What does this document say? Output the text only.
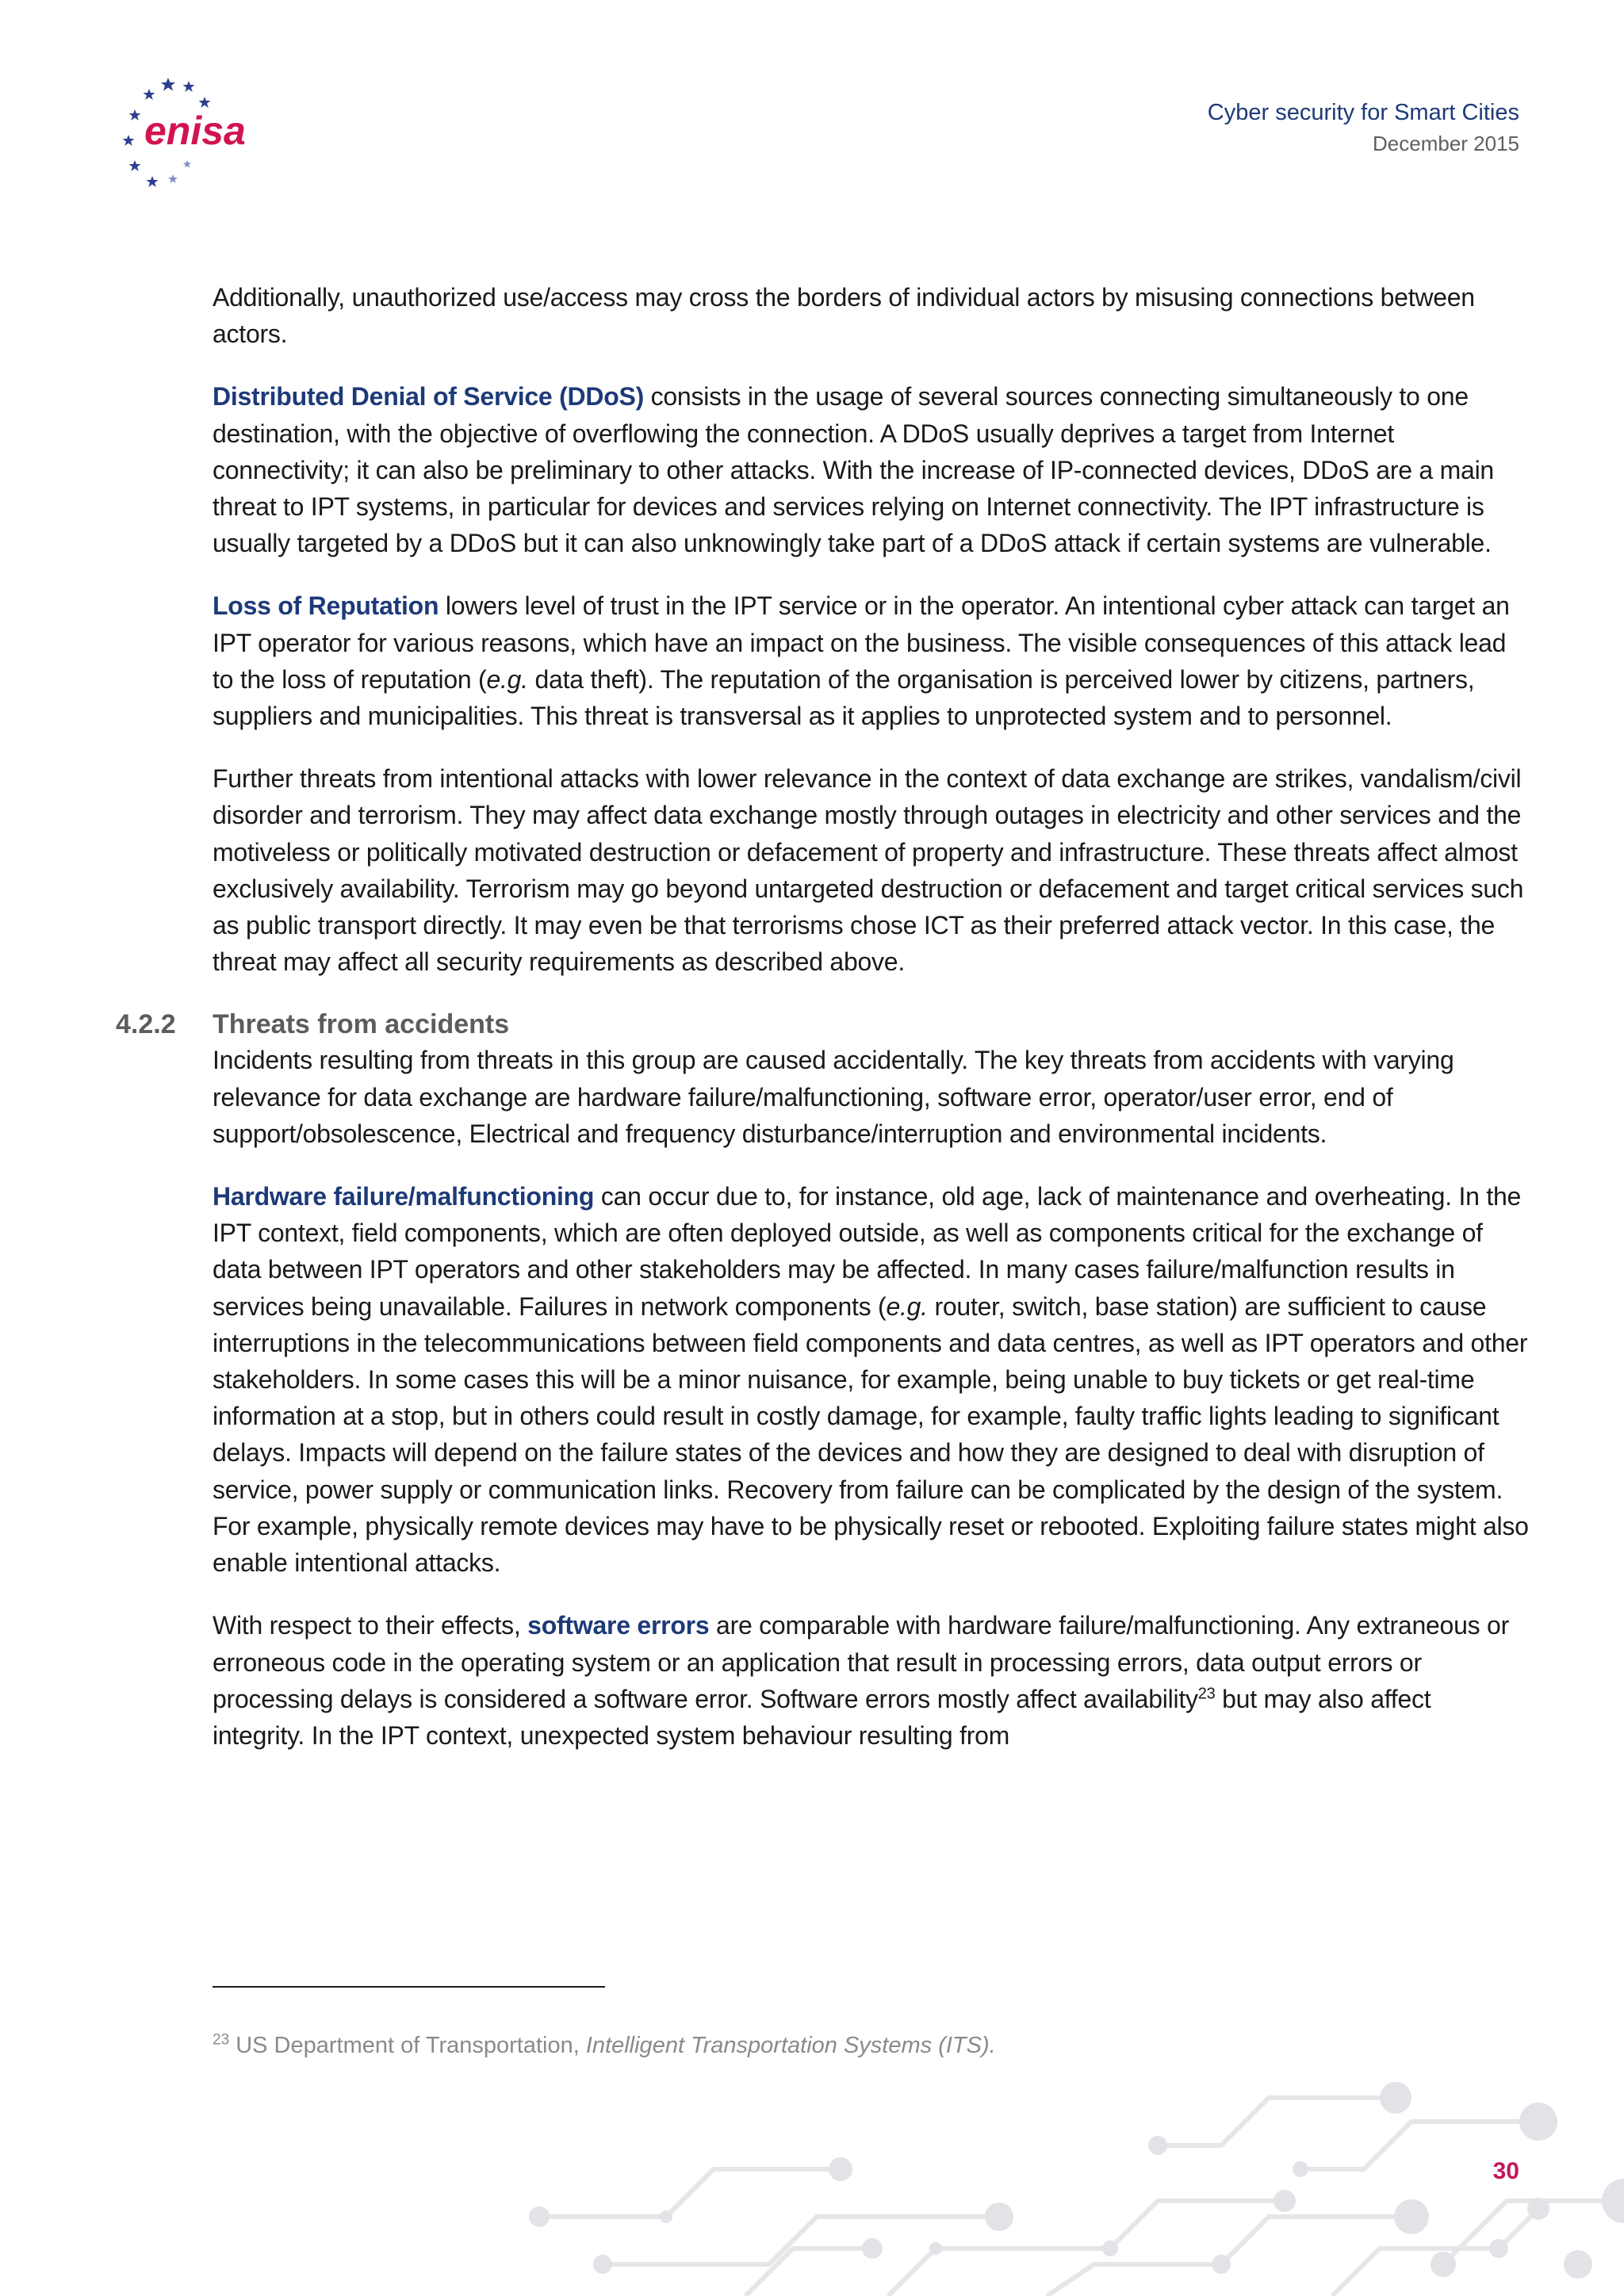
enisa	Cyber security for Smart Cities
December 2015

Additionally, unauthorized use/access may cross the borders of individual actors by misusing connections between actors.

Distributed Denial of Service (DDoS) consists in the usage of several sources connecting simultaneously to one destination, with the objective of overflowing the connection. A DDoS usually deprives a target from Internet connectivity; it can also be preliminary to other attacks. With the increase of IP-connected devices, DDoS are a main threat to IPT systems, in particular for devices and services relying on Internet connectivity. The IPT infrastructure is usually targeted by a DDoS but it can also unknowingly take part of a DDoS attack if certain systems are vulnerable.

Loss of Reputation lowers level of trust in the IPT service or in the operator. An intentional cyber attack can target an IPT operator for various reasons, which have an impact on the business. The visible consequences of this attack lead to the loss of reputation (e.g. data theft). The reputation of the organisation is perceived lower by citizens, partners, suppliers and municipalities. This threat is transversal as it applies to unprotected system and to personnel.

Further threats from intentional attacks with lower relevance in the context of data exchange are strikes, vandalism/civil disorder and terrorism. They may affect data exchange mostly through outages in electricity and other services and the motiveless or politically motivated destruction or defacement of property and infrastructure. These threats affect almost exclusively availability. Terrorism may go beyond untargeted destruction or defacement and target critical services such as public transport directly. It may even be that terrorisms chose ICT as their preferred attack vector. In this case, the threat may affect all security requirements as described above.

4.2.2 Threats from accidents

Incidents resulting from threats in this group are caused accidentally. The key threats from accidents with varying relevance for data exchange are hardware failure/malfunctioning, software error, operator/user error, end of support/obsolescence, Electrical and frequency disturbance/interruption and environmental incidents.

Hardware failure/malfunctioning can occur due to, for instance, old age, lack of maintenance and overheating. In the IPT context, field components, which are often deployed outside, as well as components critical for the exchange of data between IPT operators and other stakeholders may be affected. In many cases failure/malfunction results in services being unavailable. Failures in network components (e.g. router, switch, base station) are sufficient to cause interruptions in the telecommunications between field components and data centres, as well as IPT operators and other stakeholders. In some cases this will be a minor nuisance, for example, being unable to buy tickets or get real-time information at a stop, but in others could result in costly damage, for example, faulty traffic lights leading to significant delays. Impacts will depend on the failure states of the devices and how they are designed to deal with disruption of service, power supply or communication links. Recovery from failure can be complicated by the design of the system. For example, physically remote devices may have to be physically reset or rebooted. Exploiting failure states might also enable intentional attacks.

With respect to their effects, software errors are comparable with hardware failure/malfunctioning. Any extraneous or erroneous code in the operating system or an application that result in processing errors, data output errors or processing delays is considered a software error. Software errors mostly affect availability$^{23}$ but may also affect integrity. In the IPT context, unexpected system behaviour resulting from

$^{23}$ US Department of Transportation, Intelligent Transportation Systems (ITS).
30
